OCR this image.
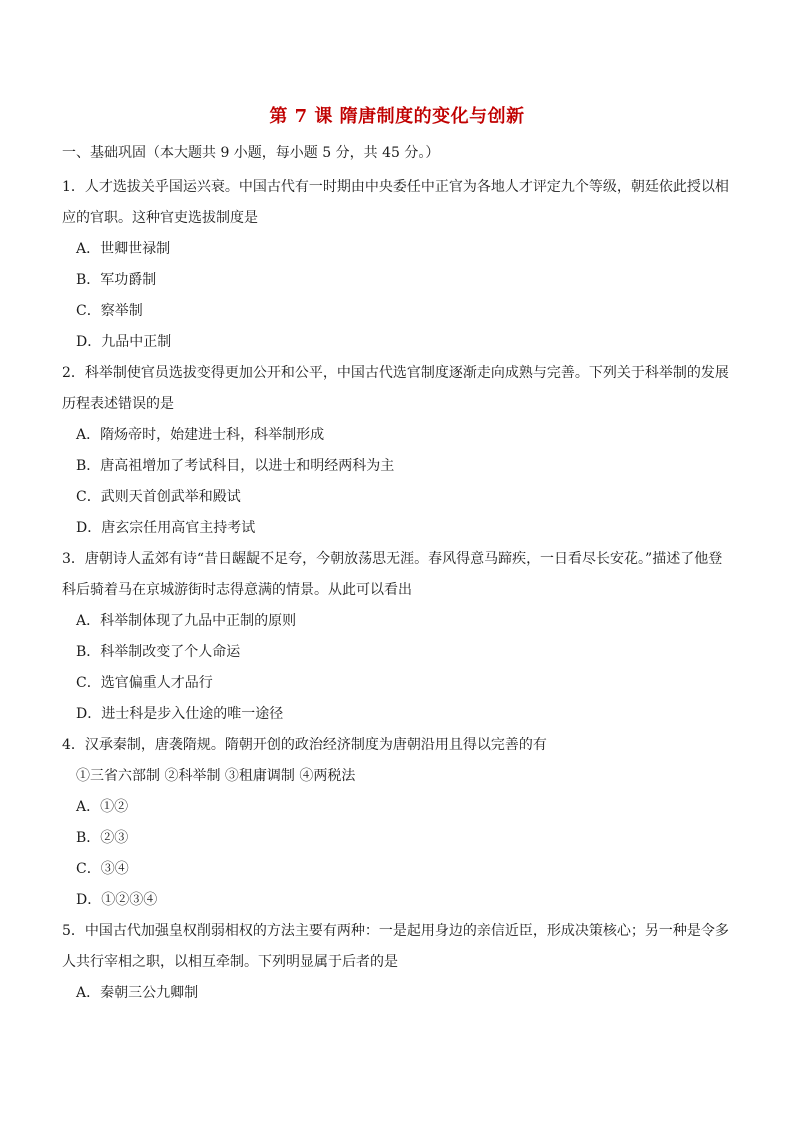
第 7 课 隋唐制度的变化与创新
一、基础巩固（本大题共 9 小题，每小题 5 分，共 45 分。）

1．人才选拔关乎国运兴衰。中国古代有一时期由中央委任中正官为各地人才评定九个等级，朝廷依此授以相应的官职。这种官吏选拔制度是

A．世卿世禄制

B．军功爵制

C．察举制

D．九品中正制

2．科举制使官员选拔变得更加公开和公平，中国古代选官制度逐渐走向成熟与完善。下列关于科举制的发展历程表述错误的是

A．隋炀帝时，始建进士科，科举制形成

B．唐高祖增加了考试科目，以进士和明经两科为主

C．武则天首创武举和殿试

D．唐玄宗任用高官主持考试

3．唐朝诗人孟郊有诗“昔日龌龊不足夸，今朝放荡思无涯。春风得意马蹄疾，一日看尽长安花。”描述了他登科后骑着马在京城游街时志得意满的情景。从此可以看出

A．科举制体现了九品中正制的原则

B．科举制改变了个人命运

C．选官偏重人才品行

D．进士科是步入仕途的唯一途径

4．汉承秦制，唐袭隋规。隋朝开创的政治经济制度为唐朝沿用且得以完善的有

①三省六部制 ②科举制 ③租庸调制 ④两税法

A．①②

B．②③

C．③④

D．①②③④

5．中国古代加强皇权削弱相权的方法主要有两种：一是起用身边的亲信近臣，形成决策核心；另一种是令多人共行宰相之职，以相互牵制。下列明显属于后者的是

A．秦朝三公九卿制
